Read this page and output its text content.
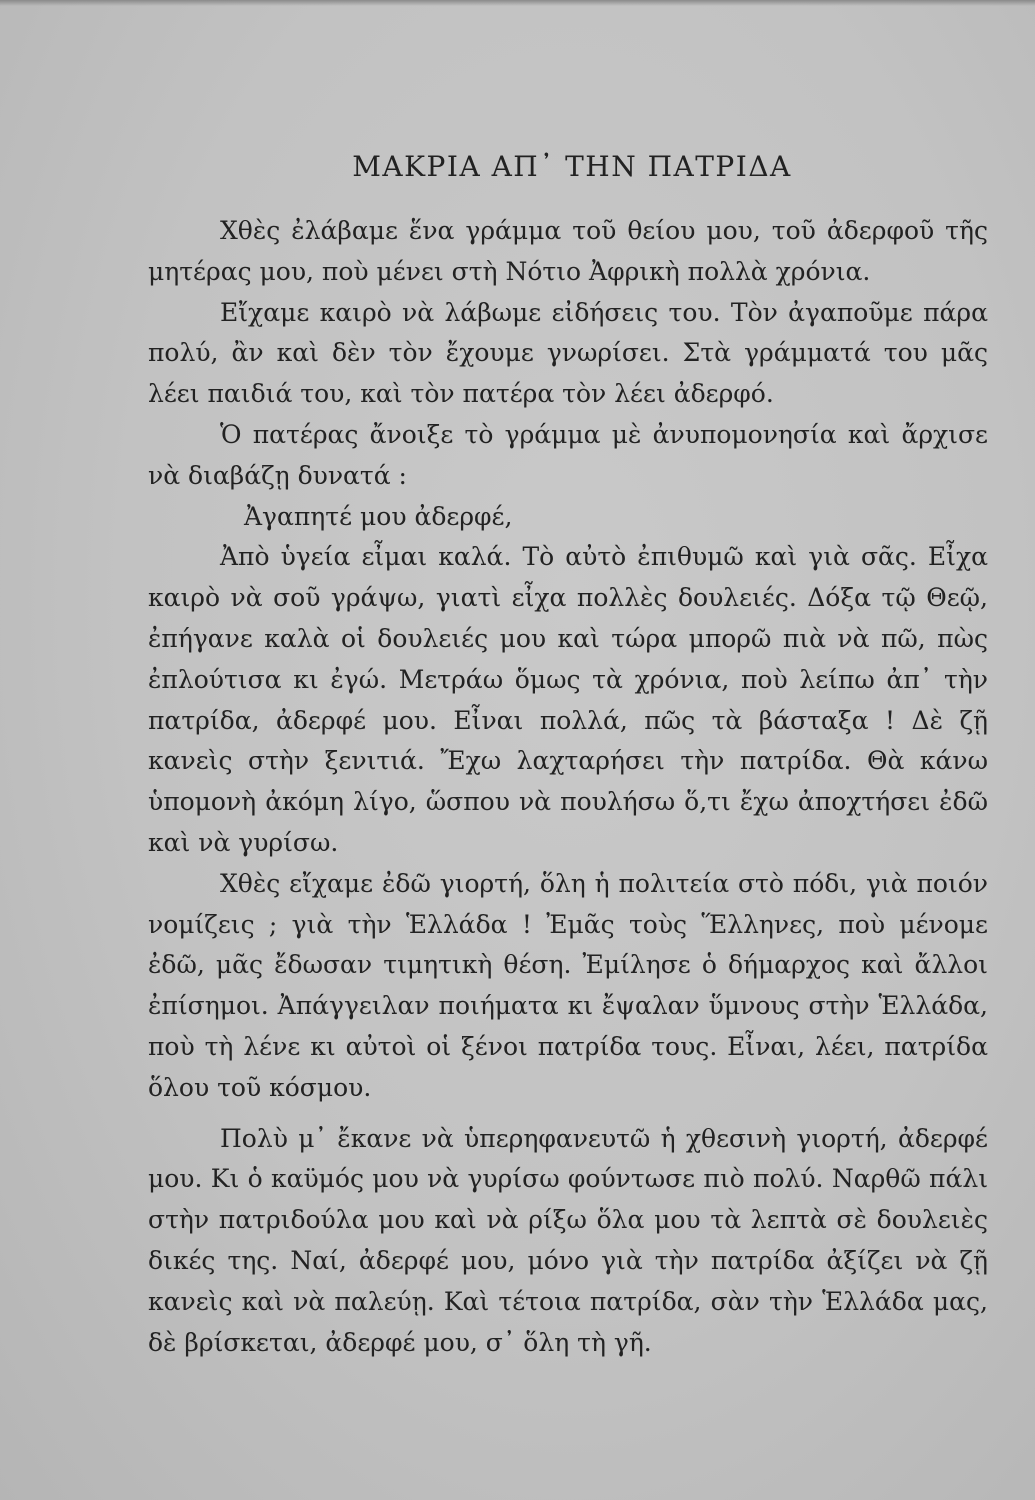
ΜΑΚΡΙΑ ΑΠ᾽ ΤΗΝ ΠΑΤΡΙΔΑ

Χθὲς ἐλάβαμε ἕνα γράμμα τοῦ θείου μου, τοῦ ἀδερφοῦ τῆς μητέρας μου, ποὺ μένει στὴ Νότιο Ἀφρικὴ πολλὰ χρόνια.

Εἴχαμε καιρὸ νὰ λάβωμε εἰδήσεις του. Τὸν ἀγαποῦμε πάρα πολύ, ἂν καὶ δὲν τὸν ἔχουμε γνωρίσει. Στὰ γράμματά του μᾶς λέει παιδιά του, καὶ τὸν πατέρα τὸν λέει ἀδερφό.

Ὁ πατέρας ἄνοιξε τὸ γράμμα μὲ ἀνυπομονησία καὶ ἄρχισε νὰ διαβάζῃ δυνατά :

Ἀγαπητέ μου ἀδερφέ,

Ἀπὸ ὑγεία εἶμαι καλά. Τὸ αὐτὸ ἐπιθυμῶ καὶ γιὰ σᾶς. Εἶχα καιρὸ νὰ σοῦ γράψω, γιατὶ εἶχα πολλὲς δουλειές. Δόξα τῷ Θεῷ, ἐπήγανε καλὰ οἱ δουλειές μου καὶ τώρα μπορῶ πιὰ νὰ πῶ, πὼς ἐπλούτισα κι ἐγώ. Μετράω ὅμως τὰ χρόνια, ποὺ λείπω ἀπ᾽ τὴν πατρίδα, ἀδερφέ μου. Εἶναι πολλά, πῶς τὰ βάσταξα ! Δὲ ζῇ κανεὶς στὴν ξενιτιά. Ἔχω λαχταρήσει τὴν πατρίδα. Θὰ κάνω ὑπομονὴ ἀκόμη λίγο, ὥσπου νὰ πουλήσω ὅ,τι ἔχω ἀποχτήσει ἐδῶ καὶ νὰ γυρίσω.

Χθὲς εἴχαμε ἐδῶ γιορτή, ὅλη ἡ πολιτεία στὸ πόδι, γιὰ ποιόν νομίζεις ; γιὰ τὴν Ἑλλάδα ! Ἐμᾶς τοὺς Ἕλληνες, ποὺ μένομε ἐδῶ, μᾶς ἔδωσαν τιμητικὴ θέση. Ἐμίλησε ὁ δήμαρχος καὶ ἄλλοι ἐπίσημοι. Ἀπάγγειλαν ποιήματα κι ἔψαλαν ὕμνους στὴν Ἑλλάδα, ποὺ τὴ λένε κι αὐτοὶ οἱ ξένοι πατρίδα τους. Εἶναι, λέει, πατρίδα ὅλου τοῦ κόσμου.

Πολὺ μ᾽ ἔκανε νὰ ὑπερηφανευτῶ ἡ χθεσινὴ γιορτή, ἀδερφέ μου. Κι ὁ καϋμός μου νὰ γυρίσω φούντωσε πιὸ πολύ. Ναρθῶ πάλι στὴν πατριδούλα μου καὶ νὰ ρίξω ὅλα μου τὰ λεπτὰ σὲ δουλειὲς δικές της. Ναί, ἀδερφέ μου, μόνο γιὰ τὴν πατρίδα ἀξίζει νὰ ζῇ κανεὶς καὶ νὰ παλεύῃ. Καὶ τέτοια πατρίδα, σὰν τὴν Ἑλλάδα μας, δὲ βρίσκεται, ἀδερφέ μου, σ᾽ ὅλη τὴ γῆ.
